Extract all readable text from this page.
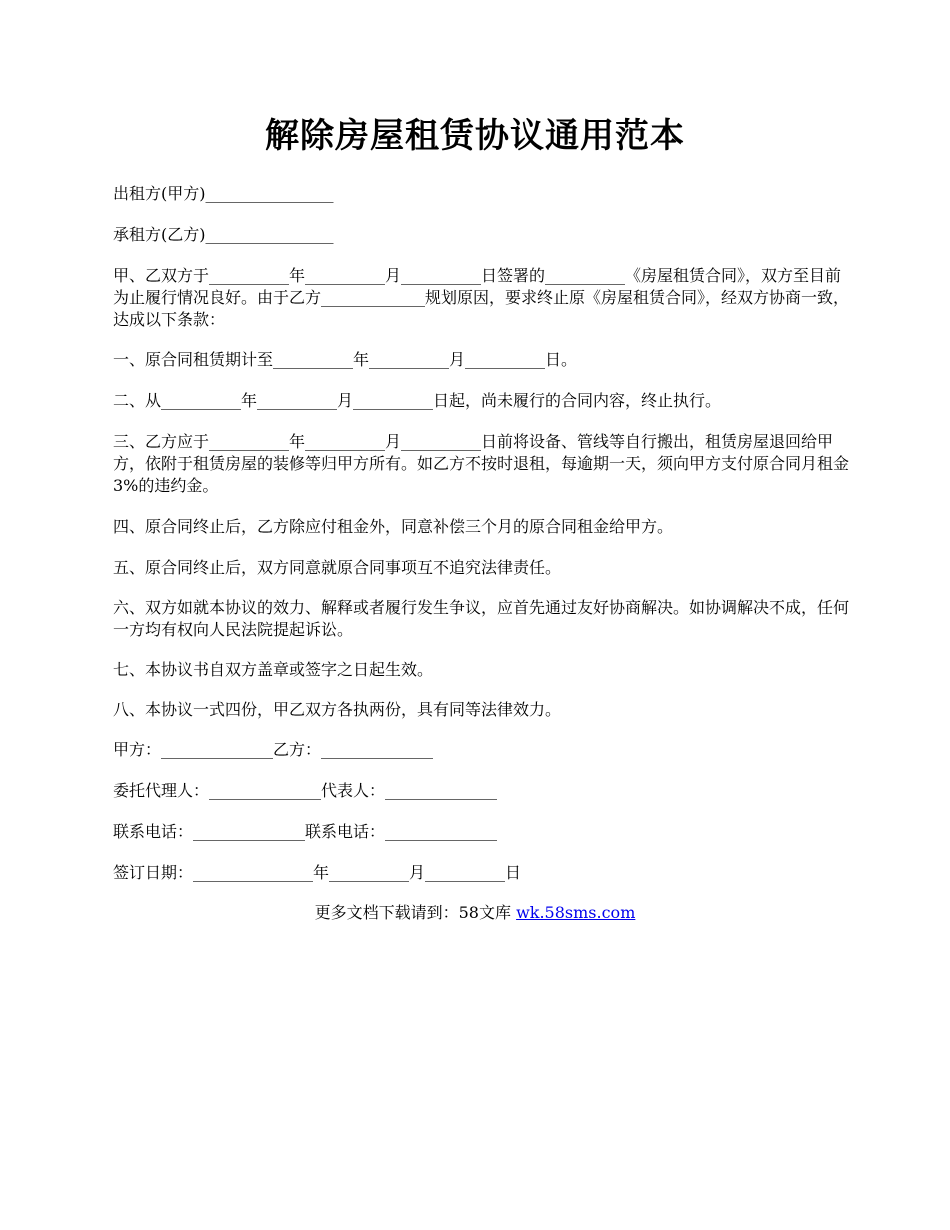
解除房屋租赁协议通用范本

出租方(甲方)________________

承租方(乙方)________________

甲、乙双方于__________年__________月__________日签署的__________《房屋租赁合同》，双方至目前为止履行情况良好。由于乙方_____________规划原因，要求终止原《房屋租赁合同》，经双方协商一致，达成以下条款：

一、原合同租赁期计至__________年__________月__________日。

二、从__________年__________月__________日起，尚未履行的合同内容，终止执行。

三、乙方应于__________年__________月__________日前将设备、管线等自行搬出，租赁房屋退回给甲方，依附于租赁房屋的装修等归甲方所有。如乙方不按时退租，每逾期一天，须向甲方支付原合同月租金3%的违约金。

四、原合同终止后，乙方除应付租金外，同意补偿三个月的原合同租金给甲方。

五、原合同终止后，双方同意就原合同事项互不追究法律责任。

六、双方如就本协议的效力、解释或者履行发生争议，应首先通过友好协商解决。如协调解决不成，任何一方均有权向人民法院提起诉讼。

七、本协议书自双方盖章或签字之日起生效。

八、本协议一式四份，甲乙双方各执两份，具有同等法律效力。

甲方：______________乙方：______________

委托代理人：______________代表人：______________

联系电话：______________联系电话：______________

签订日期：_______________年__________月__________日

更多文档下载请到：58文库 wk.58sms.com
